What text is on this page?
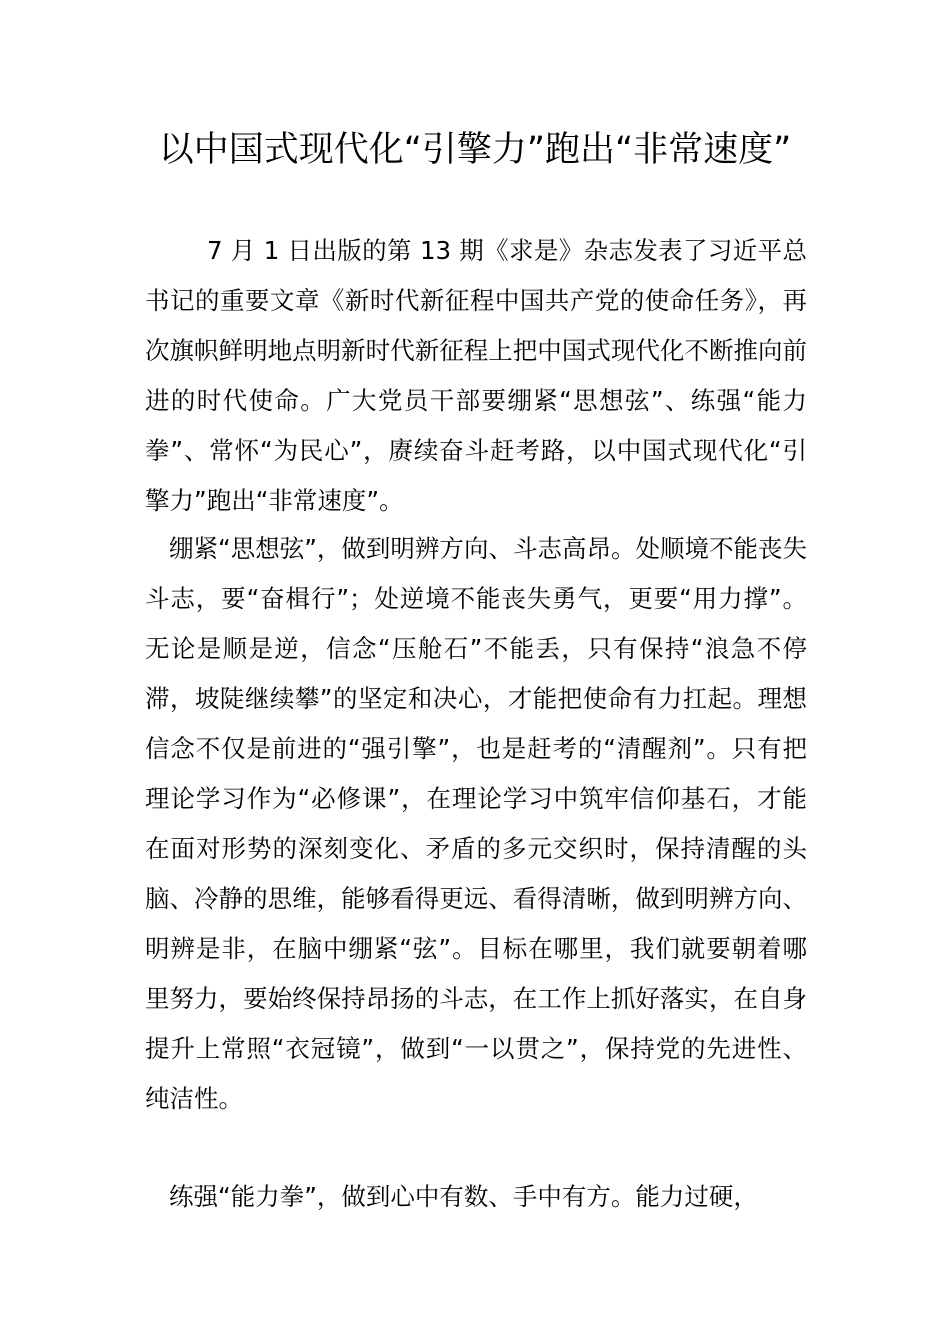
以中国式现代化“引擎力”跑出“非常速度”

7 月 1 日出版的第 13 期《求是》杂志发表了习近平总书记的重要文章《新时代新征程中国共产党的使命任务》，再次旗帜鲜明地点明新时代新征程上把中国式现代化不断推向前进的时代使命。广大党员干部要绷紧“思想弦”、练强“能力拳”、常怀“为民心”，赓续奋斗赶考路，以中国式现代化“引擎力”跑出“非常速度”。

绷紧“思想弦”，做到明辨方向、斗志高昂。处顺境不能丧失斗志，要“奋楫行”；处逆境不能丧失勇气，更要“用力撑”。无论是顺是逆，信念“压舱石”不能丢，只有保持“浪急不停滞，坡陡继续攀”的坚定和决心，才能把使命有力扛起。理想信念不仅是前进的“强引擎”，也是赶考的“清醒剂”。只有把理论学习作为“必修课”，在理论学习中筑牢信仰基石，才能在面对形势的深刻变化、矛盾的多元交织时，保持清醒的头脑、冷静的思维，能够看得更远、看得清晰，做到明辨方向、明辨是非，在脑中绷紧“弦”。目标在哪里，我们就要朝着哪里努力，要始终保持昂扬的斗志，在工作上抓好落实，在自身提升上常照“衣冠镜”，做到“一以贯之”，保持党的先进性、纯洁性。

练强“能力拳”，做到心中有数、手中有方。能力过硬，
